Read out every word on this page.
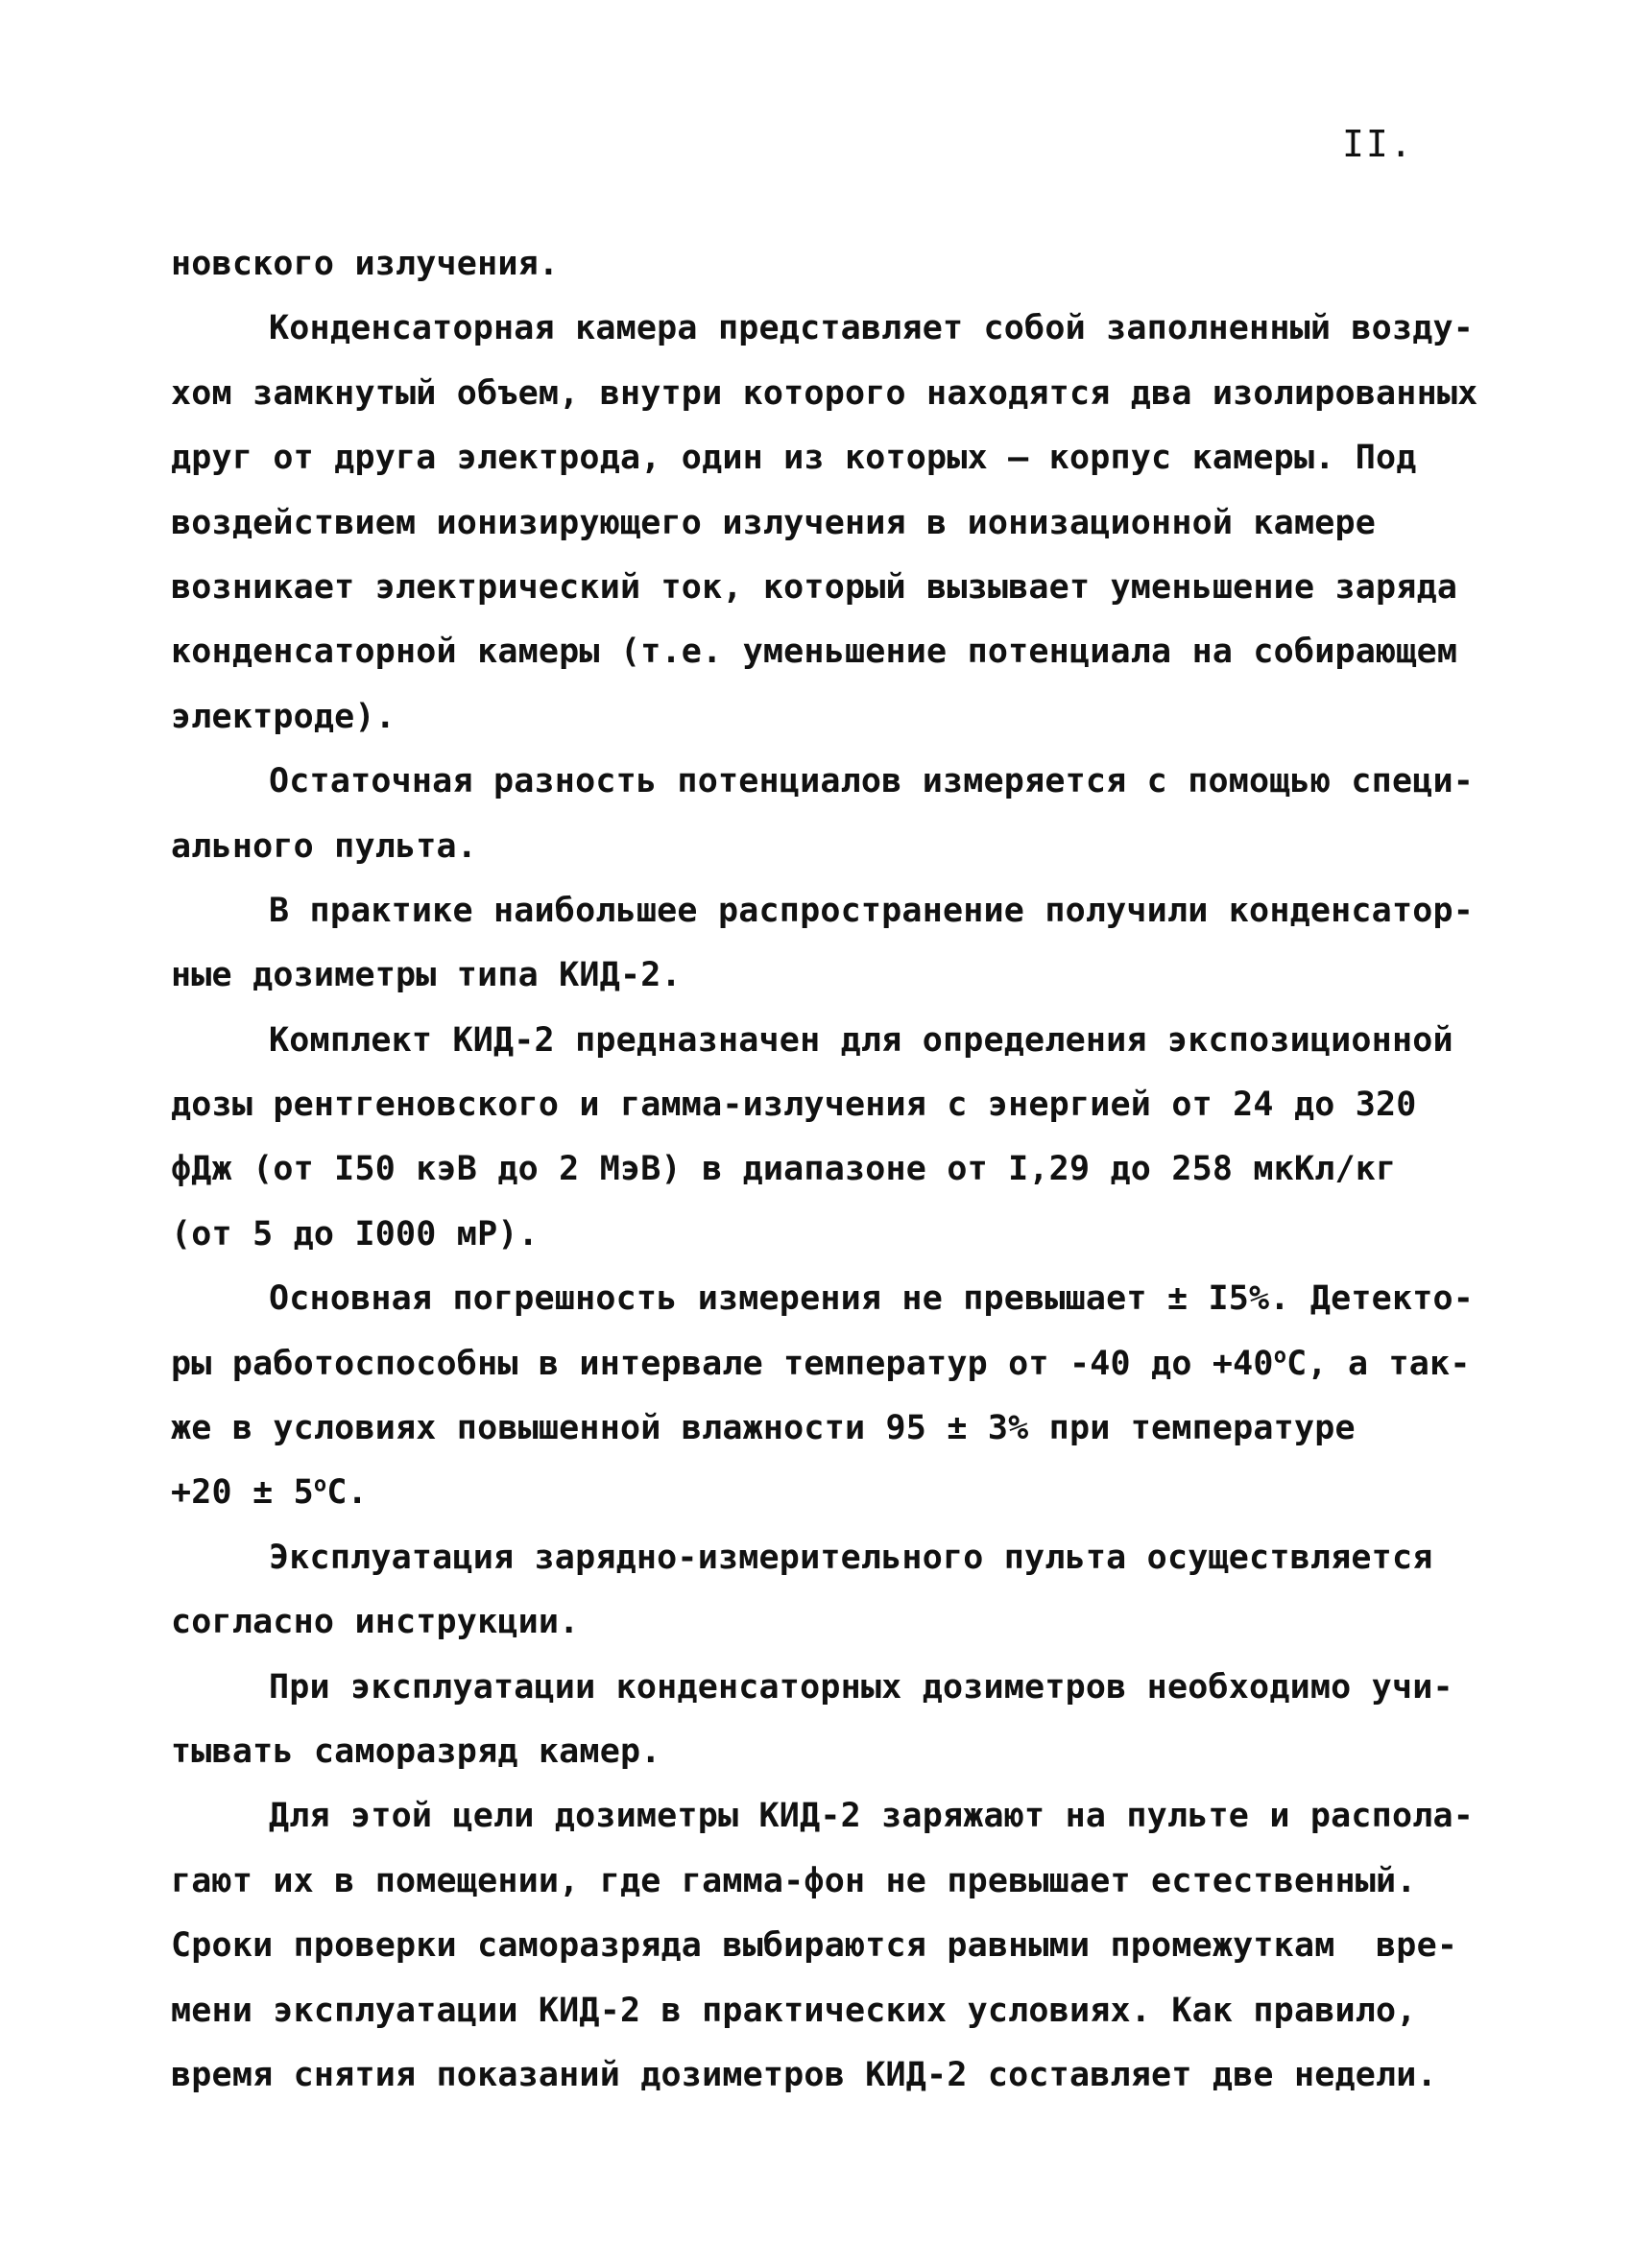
II.
новского излучения.
Конденсаторная камера представляет собой заполненный возду-
хом замкнутый объем, внутри которого находятся два изолированных
друг от друга электрода, один из которых – корпус камеры. Под
воздействием ионизирующего излучения в ионизационной камере
возникает электрический ток, который вызывает уменьшение заряда
конденсаторной камеры (т.е. уменьшение потенциала на собирающем
электроде).
Остаточная разность потенциалов измеряется с помощью специ-
ального пульта.
В практике наибольшее распространение получили конденсатор-
ные дозиметры типа КИД-2.
Комплект КИД-2 предназначен для определения экспозиционной
дозы рентгеновского и гамма-излучения с энергией от 24 до 320
фДж (от I50 кэВ до 2 МэВ) в диапазоне от I,29 до 258 мкКл/кг
(от 5 до I000 мР).
Основная погрешность измерения не превышает ± I5%. Детекто-
ры работоспособны в интервале температур от -40 до $+40^oС$, а так-
же в условиях повышенной влажности 95 ± 3% при температуре
$+20 \pm 5^oС$.
Эксплуатация зарядно-измерительного пульта осуществляется
согласно инструкции.
При эксплуатации конденсаторных дозиметров необходимо учи-
тывать саморазряд камер.
Для этой цели дозиметры КИД-2 заряжают на пульте и распола-
гают их в помещении, где гамма-фон не превышает естественный.
Сроки проверки саморазряда выбираются равными промежуткам  вре-
мени эксплуатации КИД-2 в практических условиях. Как правило,
время снятия показаний дозиметров КИД-2 составляет две недели.
